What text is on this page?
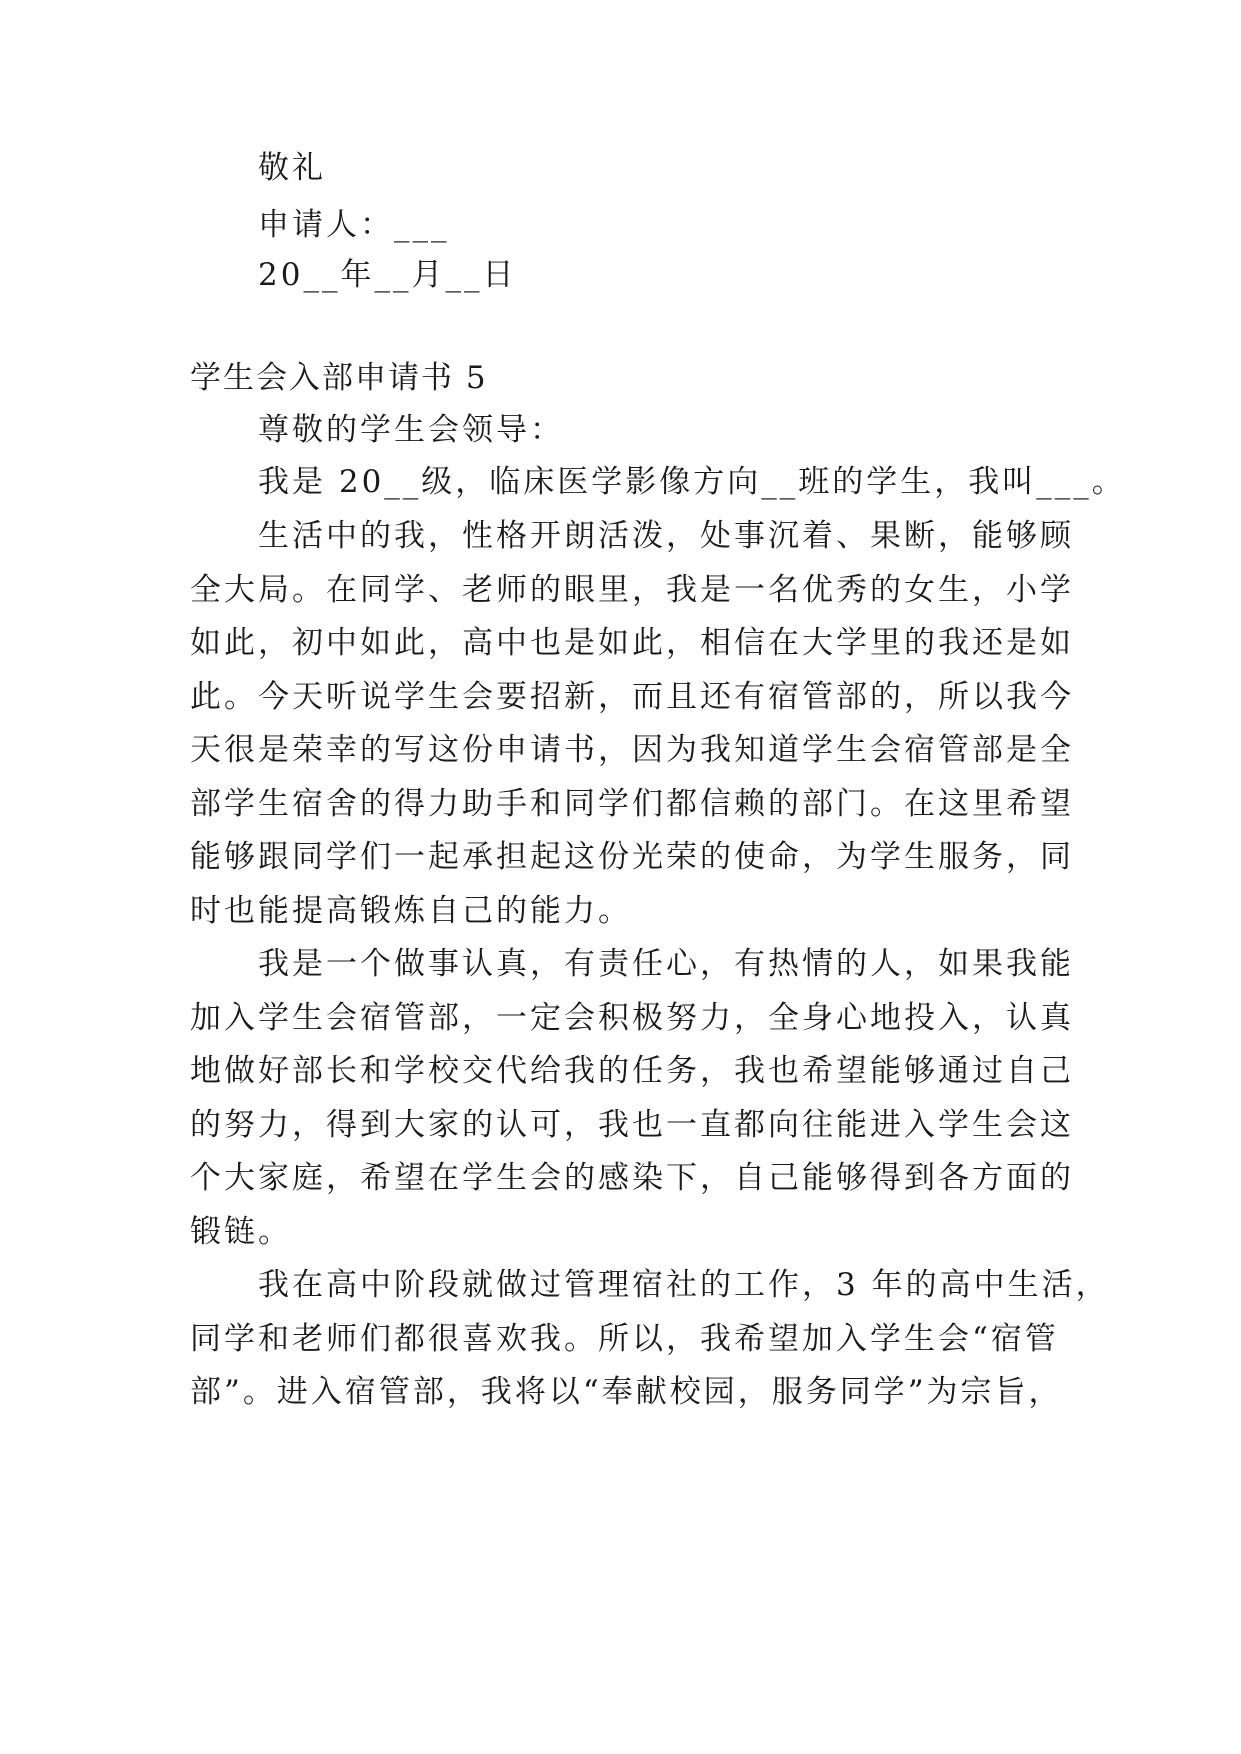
敬礼
申请人：___
20__年__月__日
学生会入部申请书 5
尊敬的学生会领导：
我是 20__级，临床医学影像方向__班的学生，我叫___。
生活中的我，性格开朗活泼，处事沉着、果断，能够顾
全大局。在同学、老师的眼里，我是一名优秀的女生，小学
如此，初中如此，高中也是如此，相信在大学里的我还是如
此。今天听说学生会要招新，而且还有宿管部的，所以我今
天很是荣幸的写这份申请书，因为我知道学生会宿管部是全
部学生宿舍的得力助手和同学们都信赖的部门。在这里希望
能够跟同学们一起承担起这份光荣的使命，为学生服务，同
时也能提高锻炼自己的能力。
我是一个做事认真，有责任心，有热情的人，如果我能
加入学生会宿管部，一定会积极努力，全身心地投入，认真
地做好部长和学校交代给我的任务，我也希望能够通过自己
的努力，得到大家的认可，我也一直都向往能进入学生会这
个大家庭，希望在学生会的感染下，自己能够得到各方面的
锻链。
我在高中阶段就做过管理宿社的工作，3 年的高中生活，
同学和老师们都很喜欢我。所以，我希望加入学生会“宿管
部”。进入宿管部，我将以“奉献校园，服务同学”为宗旨，
